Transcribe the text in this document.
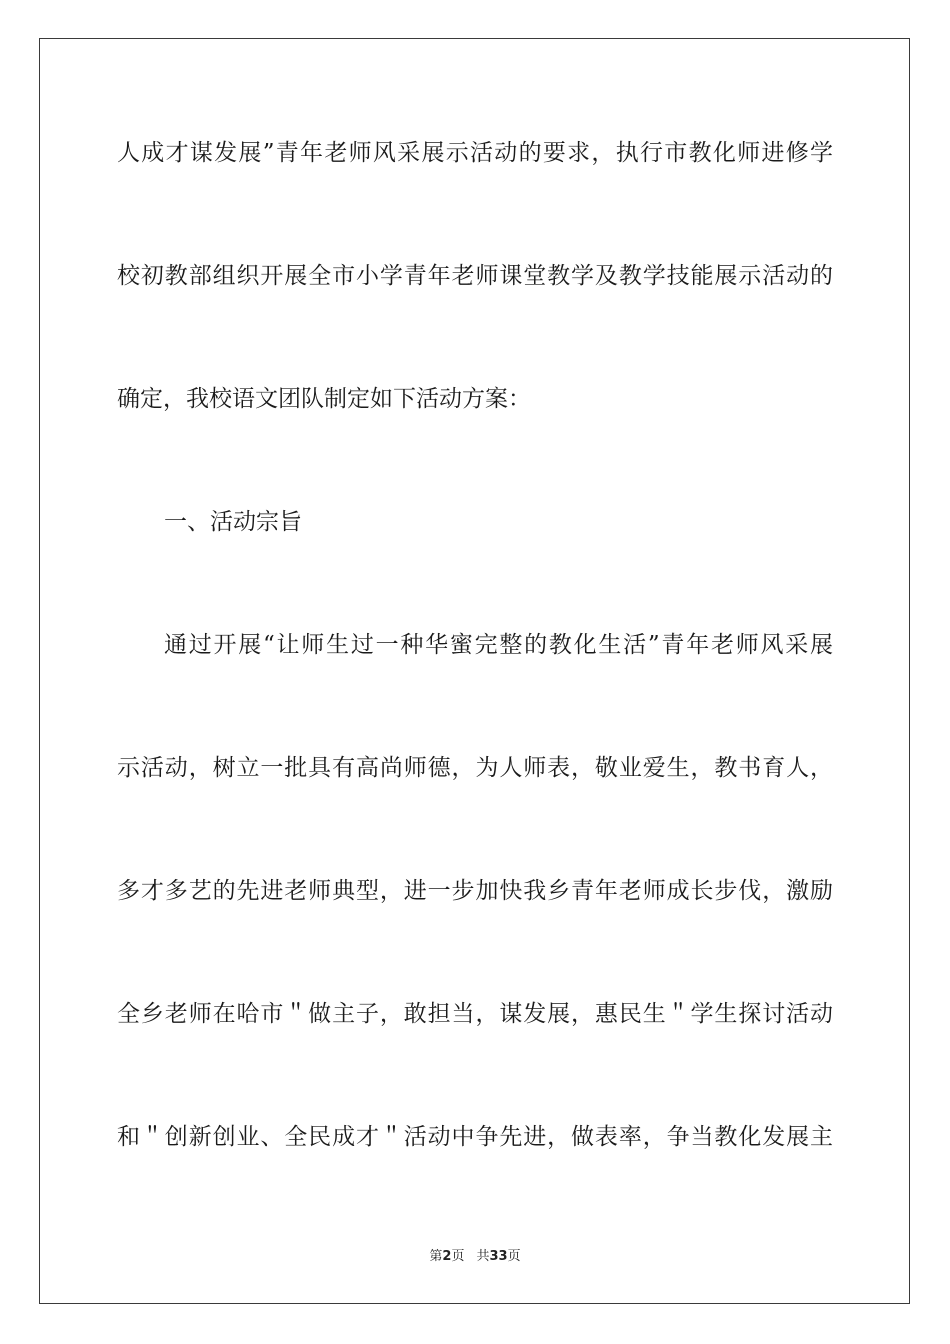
人成才谋发展”青年老师风采展示活动的要求，执行市教化师进修学
校初教部组织开展全市小学青年老师课堂教学及教学技能展示活动的
确定，我校语文团队制定如下活动方案：
一、活动宗旨
通过开展“让师生过一种华蜜完整的教化生活”青年老师风采展
示活动，树立一批具有高尚师德，为人师表，敬业爱生，教书育人，
多才多艺的先进老师典型，进一步加快我乡青年老师成长步伐，激励
全乡老师在哈市＂做主子，敢担当，谋发展，惠民生＂学生探讨活动
和＂创新创业、全民成才＂活动中争先进，做表率，争当教化发展主
第2页 共33页
